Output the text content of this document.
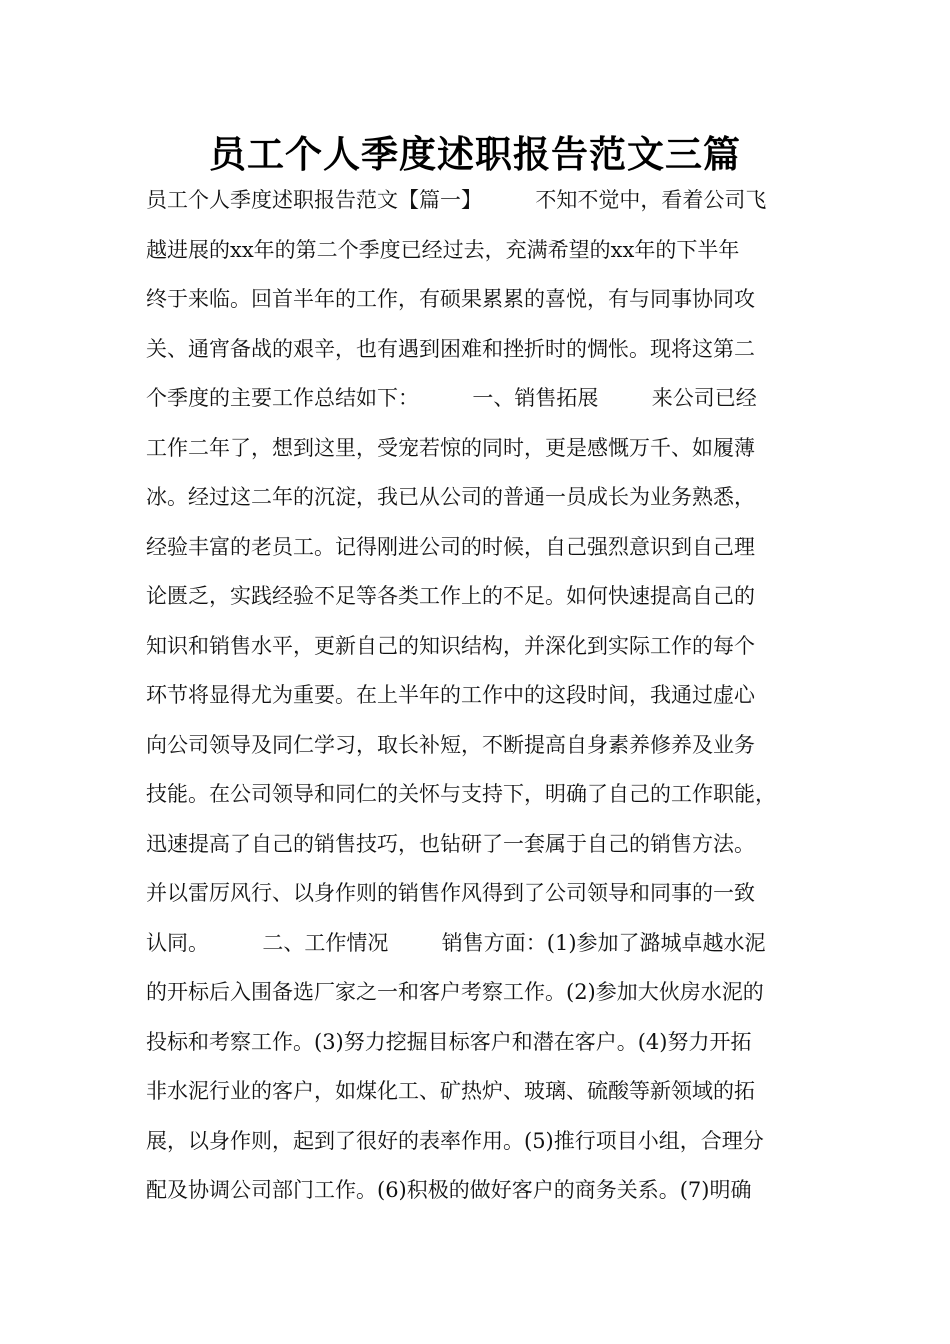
员工个人季度述职报告范文三篇
员工个人季度述职报告范文【篇一】        不知不觉中，看着公司飞
越进展的xx年的第二个季度已经过去，充满希望的xx年的下半年
终于来临。回首半年的工作，有硕果累累的喜悦，有与同事协同攻
关、通宵备战的艰辛，也有遇到困难和挫折时的惆怅。现将这第二
个季度的主要工作总结如下：        一、销售拓展        来公司已经
工作二年了，想到这里，受宠若惊的同时，更是感慨万千、如履薄
冰。经过这二年的沉淀，我已从公司的普通一员成长为业务熟悉，
经验丰富的老员工。记得刚进公司的时候，自己强烈意识到自己理
论匮乏，实践经验不足等各类工作上的不足。如何快速提高自己的
知识和销售水平，更新自己的知识结构，并深化到实际工作的每个
环节将显得尤为重要。在上半年的工作中的这段时间，我通过虚心
向公司领导及同仁学习，取长补短，不断提高自身素养修养及业务
技能。在公司领导和同仁的关怀与支持下，明确了自己的工作职能，
迅速提高了自己的销售技巧，也钻研了一套属于自己的销售方法。
并以雷厉风行、以身作则的销售作风得到了公司领导和同事的一致
认同。        二、工作情况        销售方面：(1)参加了潞城卓越水泥
的开标后入围备选厂家之一和客户考察工作。(2)参加大伙房水泥的
投标和考察工作。(3)努力挖掘目标客户和潜在客户。(4)努力开拓
非水泥行业的客户，如煤化工、矿热炉、玻璃、硫酸等新领域的拓
展，以身作则，起到了很好的表率作用。(5)推行项目小组，合理分
配及协调公司部门工作。(6)积极的做好客户的商务关系。(7)明确
